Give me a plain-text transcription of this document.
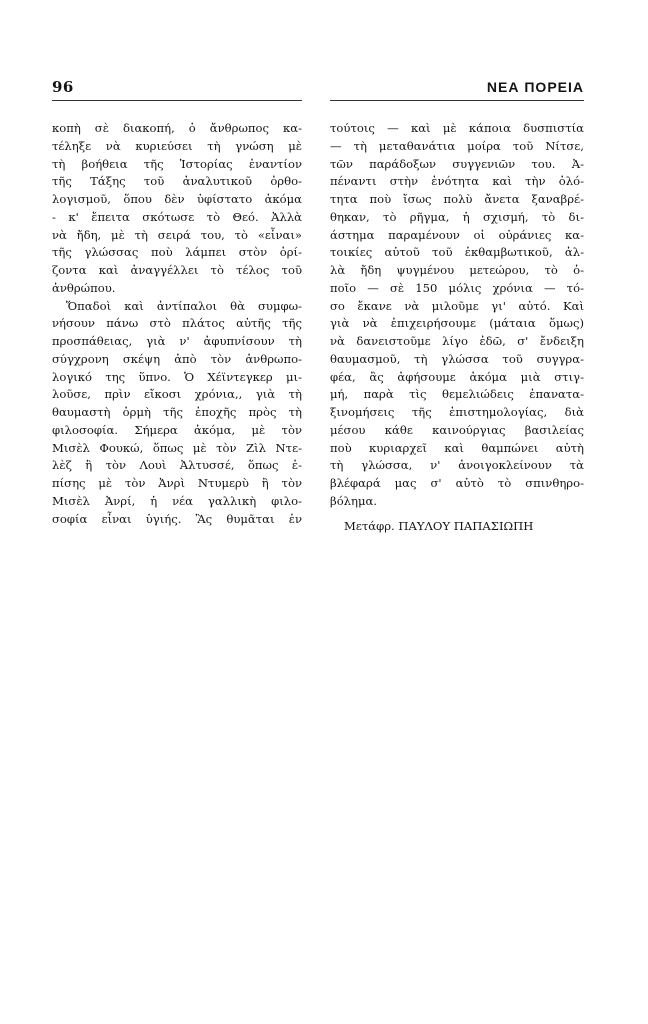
96	ΝΕΑ ΠΟΡΕΙΑ
κοπὴ σὲ διακοπή, ὁ ἄνθρωπος κα-
τέληξε νὰ κυριεύσει τὴ γνώση μὲ
τὴ βοήθεια τῆς Ἱστορίας ἐναντίον
τῆς Τάξης τοῦ ἀναλυτικοῦ ὀρθο-
λογισμοῦ, ὅπου δὲν ὑφίστατο ἀκόμα
- κ' ἔπειτα σκότωσε τὸ Θεό. Ἀλλὰ
νὰ ἤδη, μὲ τὴ σειρά του, τὸ «εἶναι»
τῆς γλώσσας ποὺ λάμπει στὸν ὁρί-
ζοντα καὶ ἀναγγέλλει τὸ τέλος τοῦ
ἀνθρώπου.
Ὅπαδοὶ καὶ ἀντίπαλοι θὰ συμφω-
νήσουν πάνω στὸ πλάτος αὐτῆς τῆς
προσπάθειας, γιὰ ν' ἀφυπνίσουν τὴ
σύγχρονη σκέψη ἀπὸ τὸν ἀνθρωπο-
λογικό της ὕπνο. Ὁ Χέϊντεγκερ μι-
λοῦσε, πρὶν εἴκοσι χρόνια,, γιὰ τὴ
θαυμαστὴ ὁρμὴ τῆς ἐποχῆς πρὸς τὴ
φιλοσοφία. Σήμερα ἀκόμα, μὲ τὸν
Μισὲλ Φουκώ, ὅπως μὲ τὸν Ζὶλ Ντε-
λὲζ ἢ τὸν Λουὶ Ἀλτυσσέ, ὅπως ἐ-
πίσης μὲ τὸν Ἀνρὶ Ντυμερὺ ἢ τὸν
Μισὲλ Ἀνρί, ἡ νέα γαλλικὴ φιλο-
σοφία εἶναι ὑγιής. Ἂς θυμᾶται ἐν
τούτοις — καὶ μὲ κάποια δυσπιστία
— τὴ μεταθανάτια μοίρα τοῦ Νίτσε,
τῶν παράδοξων συγγενιῶν του. Ἀ-
πέναντι στὴν ἑνότητα καὶ τὴν ὁλό-
τητα ποὺ ἴσως πολὺ ἄνετα ξαναβρέ-
θηκαν, τὸ ρῆγμα, ἡ σχισμή, τὸ δι-
άστημα παραμένουν οἱ οὐράνιες κα-
τοικίες αὐτοῦ τοῦ ἐκθαμβωτικοῦ, ἀλ-
λὰ ἤδη ψυγμένου μετεώρου, τὸ ὁ-
ποῖο — σὲ 150 μόλις χρόνια — τό-
σο ἔκανε νὰ μιλοῦμε γι' αὐτό. Καὶ
γιὰ νὰ ἐπιχειρήσουμε (μάταια ὅμως)
νὰ δανειστοῦμε λίγο ἐδῶ, σ' ἔνδειξη
θαυμασμοῦ, τὴ γλώσσα τοῦ συγγρα-
φέα, ἂς ἀφήσουμε ἀκόμα μιὰ στιγ-
μή, παρὰ τὶς θεμελιώδεις ἐπανατα-
ξινομήσεις τῆς ἐπιστημολογίας, διὰ
μέσου κάθε καινούργιας βασιλείας
ποὺ κυριαρχεῖ καὶ θαμπώνει αὐτὴ
τὴ γλώσσα, ν' ἀνοιγοκλείνουν τὰ
βλέφαρά μας σ' αὐτὸ τὸ σπινθηρο-
βόλημα.
Μετάφρ. ΠΑΥΛΟΥ ΠΑΠΑΣΙΩΠΗ
